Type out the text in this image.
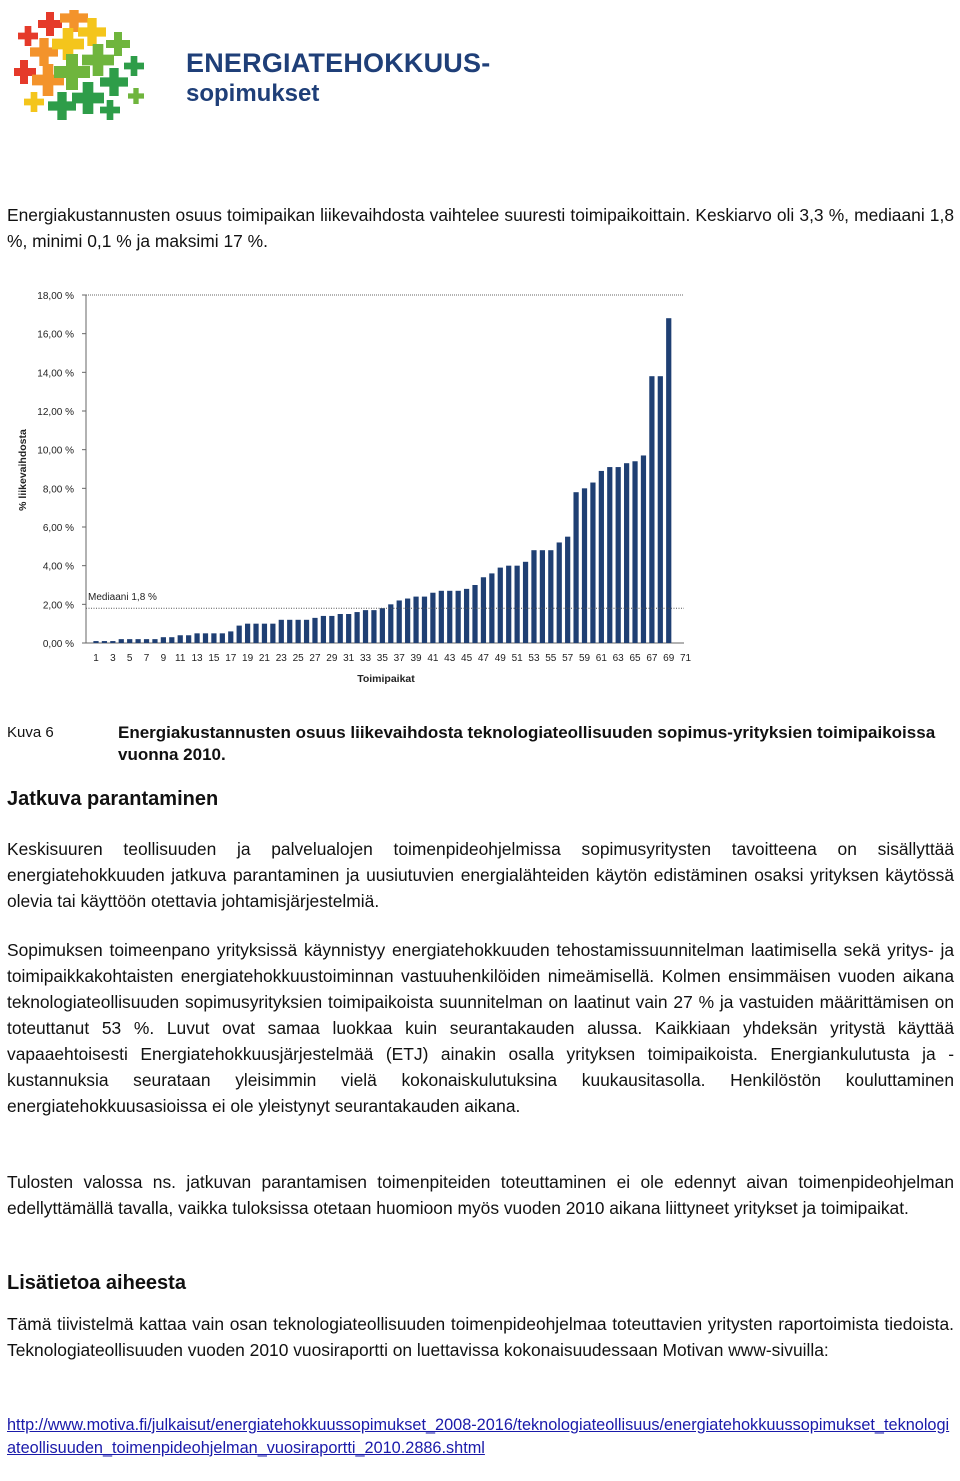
ENERGIATEHOKKUUS-
sopimukset

Energiakustannusten osuus toimipaikan liikevaihdosta vaihtelee suuresti toimipaikoittain. Keskiarvo oli 3,3 %, mediaani 1,8 %, minimi 0,1 % ja maksimi 17 %.

0,00 %
2,00 %
4,00 %
6,00 %
8,00 %
10,00 %
12,00 %
14,00 %
16,00 %
18,00 %
1 3 5 7 9 11 13 15 17 19 21 23 25 27 29 31 33 35 37 39 41 43 45 47 49 51 53 55 57 59 61 63 65 67 69 71
Mediaani 1,8 %
Toimipaikat
% liikevaihdosta
Kuva 6	Energiakustannusten osuus liikevaihdosta teknologiateollisuuden sopimus-yrityksien toimipaikoissa vuonna 2010.
Jatkuva parantaminen

Keskisuuren teollisuuden ja palvelualojen toimenpideohjelmissa sopimusyritysten tavoitteena on sisällyttää energiatehokkuuden jatkuva parantaminen ja uusiutuvien energialähteiden käytön edistäminen osaksi yrityksen käytössä olevia tai käyttöön otettavia johtamisjärjestelmiä.

Sopimuksen toimeenpano yrityksissä käynnistyy energiatehokkuuden tehostamissuunnitelman laatimisella sekä yritys- ja toimipaikkakohtaisten energiatehokkuustoiminnan vastuuhenkilöiden nimeämisellä. Kolmen ensimmäisen vuoden aikana teknologiateollisuuden sopimusyrityksien toimipaikoista suunnitelman on laatinut vain 27 % ja vastuiden määrittämisen on toteuttanut 53 %. Luvut ovat samaa luokkaa kuin seurantakauden alussa. Kaikkiaan yhdeksän yritystä käyttää vapaaehtoisesti Energiatehokkuusjärjestelmää (ETJ) ainakin osalla yrityksen toimipaikoista. Energiankulutusta ja -kustannuksia seurataan yleisimmin vielä kokonaiskulutuksina kuukausitasolla. Henkilöstön kouluttaminen energiatehokkuusasioissa ei ole yleistynyt seurantakauden aikana.

Tulosten valossa ns. jatkuvan parantamisen toimenpiteiden toteuttaminen ei ole edennyt aivan toimenpideohjelman edellyttämällä tavalla, vaikka tuloksissa otetaan huomioon myös vuoden 2010 aikana liittyneet yritykset ja toimipaikat.

Lisätietoa aiheesta

Tämä tiivistelmä kattaa vain osan teknologiateollisuuden toimenpideohjelmaa toteuttavien yritysten raportoimista tiedoista. Teknologiateollisuuden vuoden 2010 vuosiraportti on luettavissa kokonaisuudessaan Motivan www-sivuilla:

http://www.motiva.fi/julkaisut/energiatehokkuussopimukset_2008-2016/teknologiateollisuus/energiatehokkuussopimukset_teknologiateollisuuden_toimenpideohjelman_vuosiraportti_2010.2886.shtml
